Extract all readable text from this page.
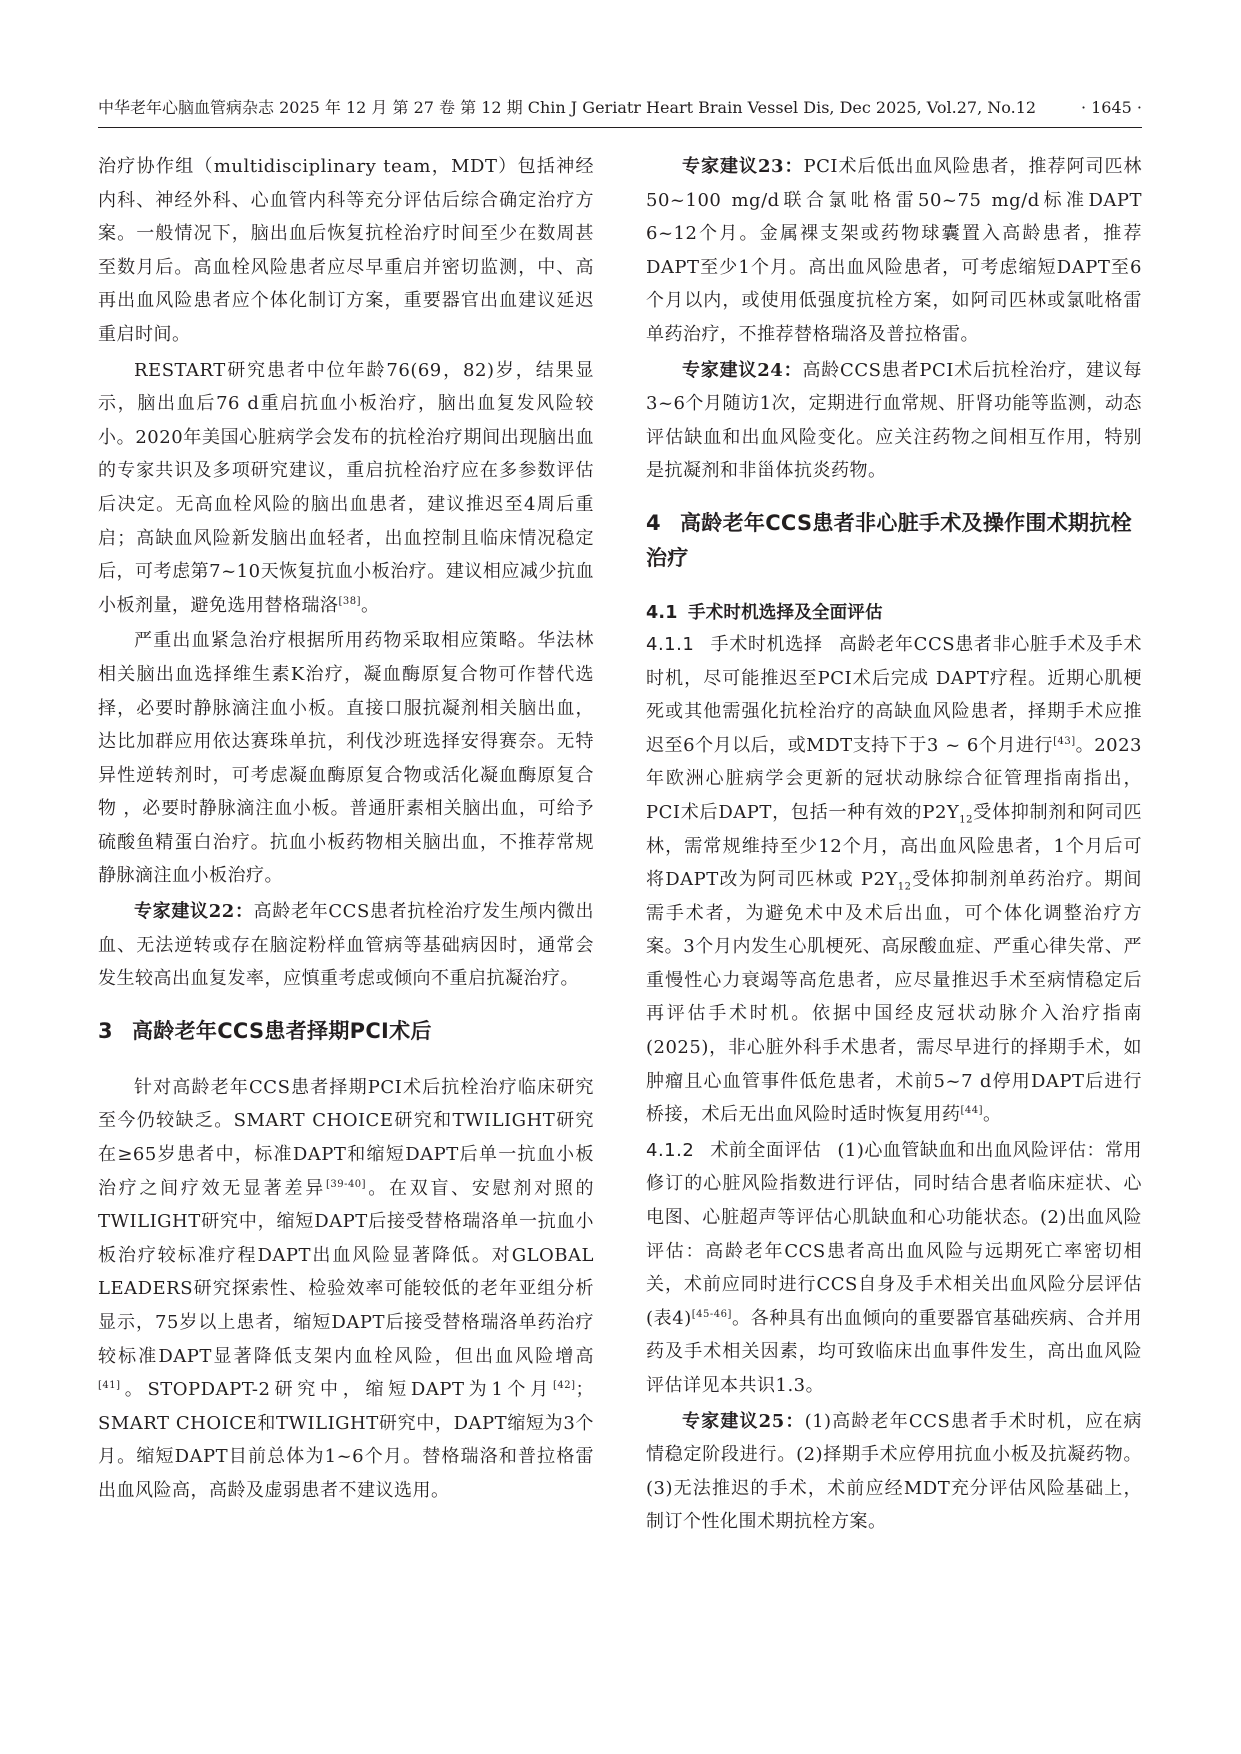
中华老年心脑血管病杂志 2025 年 12 月 第 27 卷 第 12 期 Chin J Geriatr Heart Brain Vessel Dis, Dec 2025, Vol.27, No.12	· 1645 ·

治疗协作组（multidisciplinary team，MDT）包括神经内科、神经外科、心血管内科等充分评估后综合确定治疗方案。一般情况下，脑出血后恢复抗栓治疗时间至少在数周甚至数月后。高血栓风险患者应尽早重启并密切监测，中、高再出血风险患者应个体化制订方案，重要器官出血建议延迟重启时间。

RESTART研究患者中位年龄76(69，82)岁，结果显示，脑出血后76 d重启抗血小板治疗，脑出血复发风险较小。2020年美国心脏病学会发布的抗栓治疗期间出现脑出血的专家共识及多项研究建议，重启抗栓治疗应在多参数评估后决定。无高血栓风险的脑出血患者，建议推迟至4周后重启；高缺血风险新发脑出血轻者，出血控制且临床情况稳定后，可考虑第7~10天恢复抗血小板治疗。建议相应减少抗血小板剂量，避免选用替格瑞洛[38]。

严重出血紧急治疗根据所用药物采取相应策略。华法林相关脑出血选择维生素K治疗，凝血酶原复合物可作替代选择，必要时静脉滴注血小板。直接口服抗凝剂相关脑出血，达比加群应用依达赛珠单抗，利伐沙班选择安得赛奈。无特异性逆转剂时，可考虑凝血酶原复合物或活化凝血酶原复合物 ，必要时静脉滴注血小板。普通肝素相关脑出血，可给予硫酸鱼精蛋白治疗。抗血小板药物相关脑出血，不推荐常规静脉滴注血小板治疗。

专家建议22：高龄老年CCS患者抗栓治疗发生颅内微出血、无法逆转或存在脑淀粉样血管病等基础病因时，通常会发生较高出血复发率，应慎重考虑或倾向不重启抗凝治疗。

3 高龄老年CCS患者择期PCI术后

针对高龄老年CCS患者择期PCI术后抗栓治疗临床研究至今仍较缺乏。SMART CHOICE研究和TWILIGHT研究在≥65岁患者中，标准DAPT和缩短DAPT后单一抗血小板治疗之间疗效无显著差异[39-40]。在双盲、安慰剂对照的TWILIGHT研究中，缩短DAPT后接受替格瑞洛单一抗血小板治疗较标准疗程DAPT出血风险显著降低。对GLOBAL LEADERS研究探索性、检验效率可能较低的老年亚组分析显示，75岁以上患者，缩短DAPT后接受替格瑞洛单药治疗较标准DAPT显著降低支架内血栓风险，但出血风险增高[41]。STOPDAPT-2研究中，缩短DAPT为1个月[42]；SMART CHOICE和TWILIGHT研究中，DAPT缩短为3个月。缩短DAPT目前总体为1~6个月。替格瑞洛和普拉格雷出血风险高，高龄及虚弱患者不建议选用。

专家建议23：PCI术后低出血风险患者，推荐阿司匹林50~100 mg/d联合氯吡格雷50~75 mg/d标准DAPT 6~12个月。金属裸支架或药物球囊置入高龄患者，推荐DAPT至少1个月。高出血风险患者，可考虑缩短DAPT至6个月以内，或使用低强度抗栓方案，如阿司匹林或氯吡格雷单药治疗，不推荐替格瑞洛及普拉格雷。

专家建议24：高龄CCS患者PCI术后抗栓治疗，建议每3~6个月随访1次，定期进行血常规、肝肾功能等监测，动态评估缺血和出血风险变化。应关注药物之间相互作用，特别是抗凝剂和非甾体抗炎药物。

4 高龄老年CCS患者非心脏手术及操作围术期抗栓治疗
4.1 手术时机选择及全面评估

4.1.1 手术时机选择 高龄老年CCS患者非心脏手术及手术时机，尽可能推迟至PCI术后完成 DAPT疗程。近期心肌梗死或其他需强化抗栓治疗的高缺血风险患者，择期手术应推迟至6个月以后，或MDT支持下于3 ~ 6个月进行[43]。2023年欧洲心脏病学会更新的冠状动脉综合征管理指南指出，PCI术后DAPT，包括一种有效的$P2Y_{12}$受体抑制剂和阿司匹林，需常规维持至少12个月，高出血风险患者，1个月后可将DAPT改为阿司匹林或 $P2Y_{12}$受体抑制剂单药治疗。期间需手术者，为避免术中及术后出血，可个体化调整治疗方案。3个月内发生心肌梗死、高尿酸血症、严重心律失常、严重慢性心力衰竭等高危患者，应尽量推迟手术至病情稳定后再评估手术时机。依据中国经皮冠状动脉介入治疗指南(2025)，非心脏外科手术患者，需尽早进行的择期手术，如肿瘤且心血管事件低危患者，术前5~7 d停用DAPT后进行桥接，术后无出血风险时适时恢复用药[44]。

4.1.2 术前全面评估 (1)心血管缺血和出血风险评估：常用修订的心脏风险指数进行评估，同时结合患者临床症状、心电图、心脏超声等评估心肌缺血和心功能状态。(2)出血风险评估：高龄老年CCS患者高出血风险与远期死亡率密切相关，术前应同时进行CCS自身及手术相关出血风险分层评估 (表4)[45-46]。各种具有出血倾向的重要器官基础疾病、合并用药及手术相关因素，均可致临床出血事件发生，高出血风险评估详见本共识1.3。

专家建议25：(1)高龄老年CCS患者手术时机，应在病情稳定阶段进行。(2)择期手术应停用抗血小板及抗凝药物。(3)无法推迟的手术，术前应经MDT充分评估风险基础上，制订个性化围术期抗栓方案。
